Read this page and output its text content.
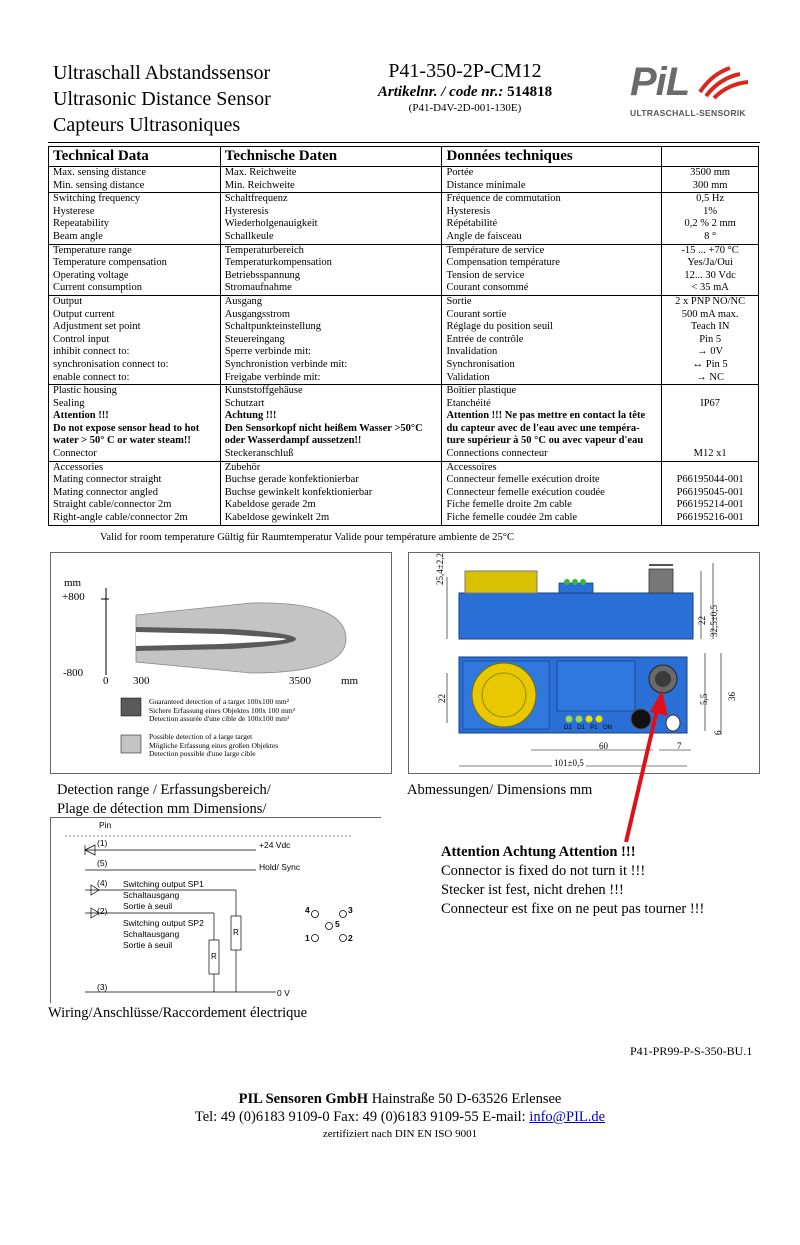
Ultraschall Abstandssensor
Ultrasonic Distance Sensor
Capteurs Ultrasoniques
P41-350-2P-CM12
Artikelnr. / code nr.: 514818
(P41-D4V-2D-001-130E)
PiL
ULTRASCHALL-SENSORIK
Technical Data	Technische Daten	Données techniques	
Max. sensing distance	Max. Reichweite	Portée	3500 mm
Min. sensing distance	Min. Reichweite	Distance minimale	300 mm
Switching frequency	Schaltfrequenz	Fréquence de commutation	0,5 Hz
Hysterese	Hysteresis	Hysteresis	1%
Repeatability	Wiederholgenauigkeit	Répétabilité	0,2 % 2 mm
Beam angle	Schallkeule	Angle de faisceau	8 °
Temperature range	Temperaturbereich	Température de service	-15 ... +70 °C
Temperature compensation	Temperaturkompensation	Compensation température	Yes/Ja/Oui
Operating voltage	Betriebsspannung	Tension de service	12... 30 Vdc
Current consumption	Stromaufnahme	Courant consommé	< 35 mA
Output	Ausgang	Sortie	2 x PNP NO/NC
Output current	Ausgangsstrom	Courant sortie	500 mA max.
Adjustment set point	Schaltpunkteinstellung	Réglage du position seuil	Teach IN
Control input	Steuereingang	Entrée de contrôle	Pin 5
inhibit connect to:	Sperre verbinde mit:	Invalidation	→ 0V
synchronisation connect to:	Synchronistion verbinde mit:	Synchronisation	↔ Pin 5
enable connect to:	Freigabe verbinde mit:	Validation	→ NC
Plastic housing	Kunststoffgehäuse	Boîtier plastique	
Sealing	Schutzart	Etanchéité	IP67
Attention !!!	Achtung !!!	Attention !!! Ne pas mettre en contact la tête	
Do not expose sensor head to hot	Den Sensorkopf nicht heißem Wasser >50°C	du capteur avec de l'eau avec une tempéra-	
water > 50° C or water steam!!	oder Wasserdampf aussetzen!!	ture supérieur à 50 °C ou avec vapeur d'eau	
Connector	Steckeranschluß	Connections connecteur	M12 x1
Accessories	Zubehör	Accessoires	
Mating connector straight	Buchse gerade konfektionierbar	Connecteur femelle exécution droite	P66195044-001
Mating connector angled	Buchse gewinkelt konfektionierbar	Connecteur femelle exécution coudée	P66195045-001
Straight cable/connector 2m	Kabeldose gerade 2m	Fiche femelle droite 2m cable	P66195214-001
Right-angle cable/connector 2m	Kabeldose gewinkelt 2m	Fiche femelle coudée 2m cable	P66195216-001
Valid for room temperature Gültig für Raumtemperatur Valide pour température ambiente de 25°C
mm
+800
-800
0 300	3500	mm
Guaranteed detection of a target 100x100 mm²
Sichere Erfassung eines Objektes 100x 100 mm²
Detection assurée d'une cible de 100x100 mm²
Possible detection of a large target
Mögliche Erfassung eines großen Objektes
Detection possible d'une large cible
25,4±2,2
22 32,5±0,5
22	5,5
6
36
60	7
101±0,5
D2 D1 P1 ON
Detection range / Erfassungsbereich/
Plage de détection mm Dimensions/
Abmessungen/ Dimensions mm
Pin
(1)
(5)
(4)
(2)
(3)
+24 Vdc
Hold/ Sync
Switching output SP1
Schaltausgang
Sortie à seuil
Switching output SP2
Schaltausgang
Sortie à seuil
R
R
0 V
4	3
5
1	2
Wiring/Anschlüsse/Raccordement électrique
Attention Achtung Attention !!!
Connector is fixed do not turn it !!!
Stecker ist fest, nicht drehen !!!
Connecteur est fixe on ne peut pas tourner !!!
P41-PR99-P-S-350-BU.1
PIL Sensoren GmbH Hainstraße 50 D-63526 Erlensee
Tel: 49 (0)6183 9109-0 Fax: 49 (0)6183 9109-55 E-mail: info@PIL.de
zertifiziert nach DIN EN ISO 9001
